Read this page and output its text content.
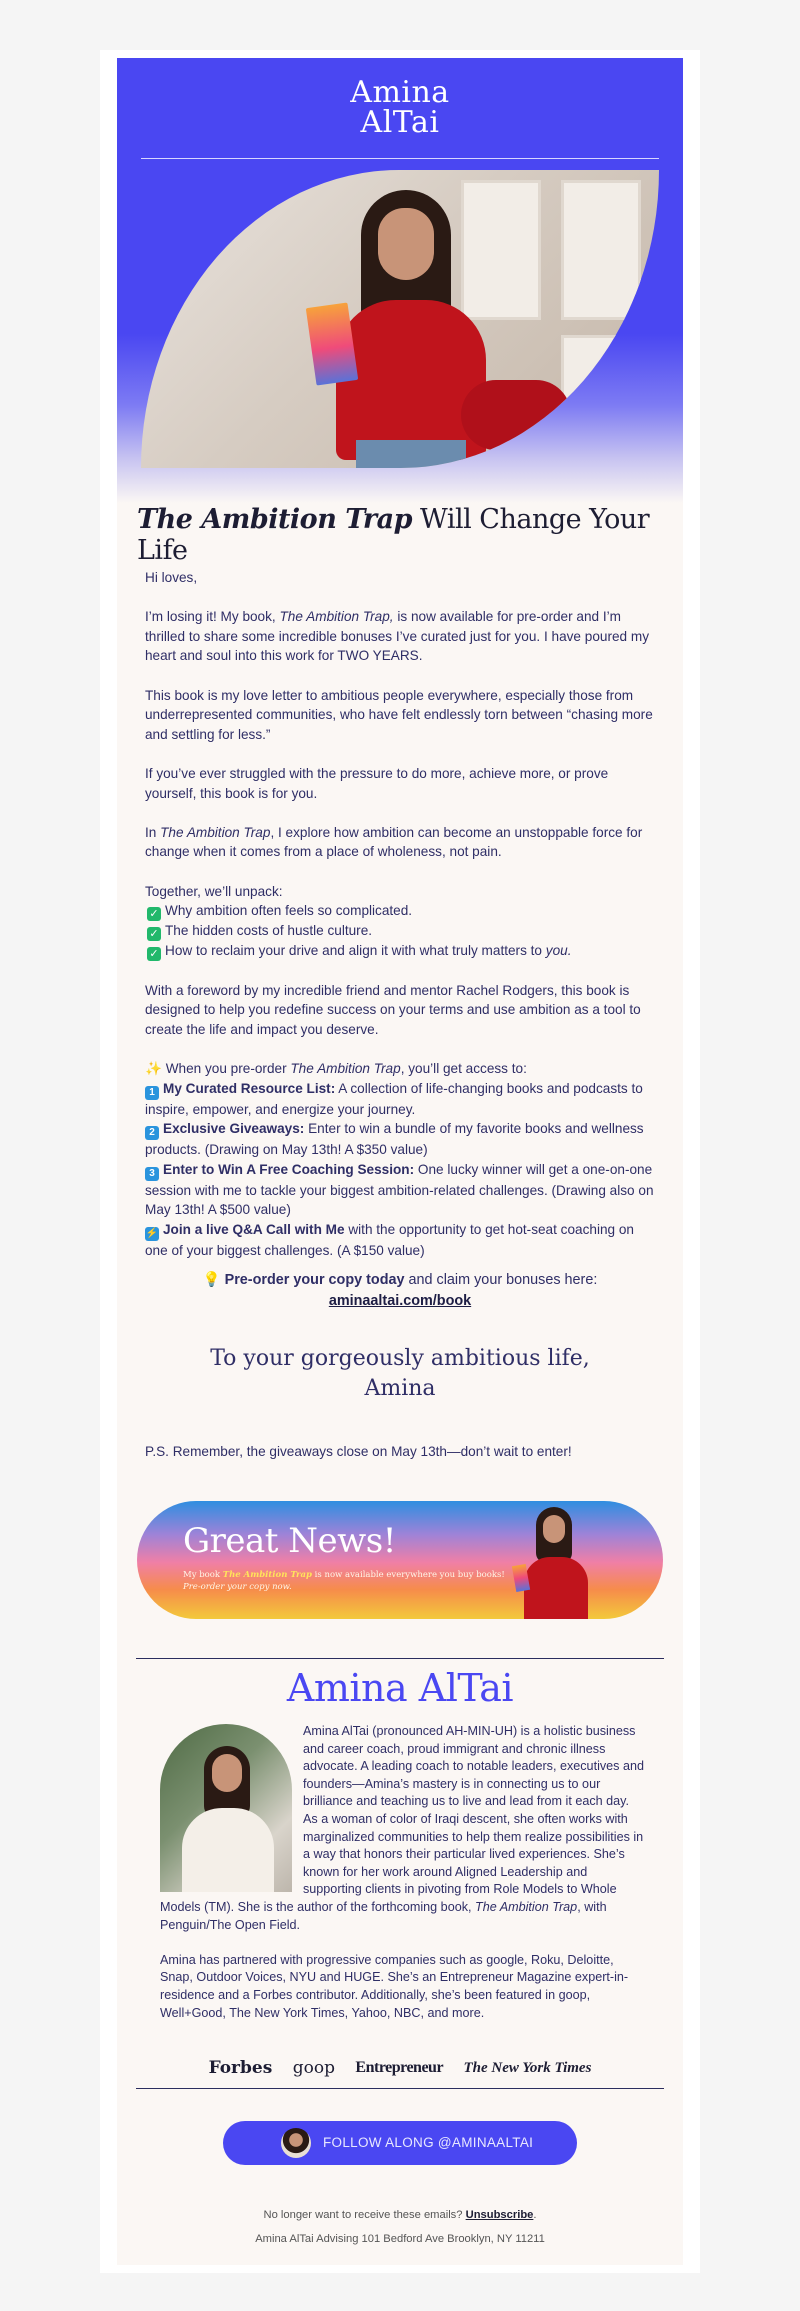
Amina
AlTai
The Ambition Trap Will Change Your Life

Hi loves,

I’m losing it! My book, The Ambition Trap, is now available for pre-order and I’m thrilled to share some incredible bonuses I’ve curated just for you. I have poured my heart and soul into this work for TWO YEARS.

This book is my love letter to ambitious people everywhere, especially those from underrepresented communities, who have felt endlessly torn between “chasing more and settling for less.”

If you’ve ever struggled with the pressure to do more, achieve more, or prove yourself, this book is for you.

In The Ambition Trap, I explore how ambition can become an unstoppable force for change when it comes from a place of wholeness, not pain.

Together, we’ll unpack:
✓ Why ambition often feels so complicated.
✓ The hidden costs of hustle culture.

✓ How to reclaim your drive and align it with what truly matters to you.

With a foreword by my incredible friend and mentor Rachel Rodgers, this book is designed to help you redefine success on your terms and use ambition as a tool to create the life and impact you deserve.

✨ When you pre-order The Ambition Trap, you’ll get access to:
1 My Curated Resource List: A collection of life-changing books and podcasts to inspire, empower, and energize your journey.
2 Exclusive Giveaways: Enter to win a bundle of my favorite books and wellness products. (Drawing on May 13th! A $350 value)
3 Enter to Win A Free Coaching Session: One lucky winner will get a one-on-one session with me to tackle your biggest ambition-related challenges. (Drawing also on May 13th! A $500 value)
⚡ Join a live Q&A Call with Me with the opportunity to get hot-seat coaching on one of your biggest challenges. (A $150 value)
💡 Pre-order your copy today and claim your bonuses here:
aminaaltai.com/book
To your gorgeously ambitious life,
Amina
P.S. Remember, the giveaways close on May 13th—don’t wait to enter!
Great News!
My book The Ambition Trap is now available everywhere you buy books!
Pre-order your copy now.
Amina AlTai

Amina AlTai (pronounced AH-MIN-UH) is a holistic business and career coach, proud immigrant and chronic illness advocate. A leading coach to notable leaders, executives and founders—Amina’s mastery is in connecting us to our brilliance and teaching us to live and lead from it each day. As a woman of color of Iraqi descent, she often works with marginalized communities to help them realize possibilities in a way that honors their particular lived experiences. She’s known for her work around Aligned Leadership and supporting clients in pivoting from Role Models to Whole Models (TM). She is the author of the forthcoming book, The Ambition Trap, with Penguin/The Open Field.

Amina has partnered with progressive companies such as google, Roku, Deloitte, Snap, Outdoor Voices, NYU and HUGE. She’s an Entrepreneur Magazine expert-in-residence and a Forbes contributor. Additionally, she’s been featured in goop, Well+Good, The New York Times, Yahoo, NBC, and more.

Forbes goop Entrepreneur The New York Times
FOLLOW ALONG @AMINAALTAI
No longer want to receive these emails? Unsubscribe.
Amina AlTai Advising 101 Bedford Ave Brooklyn, NY 11211
